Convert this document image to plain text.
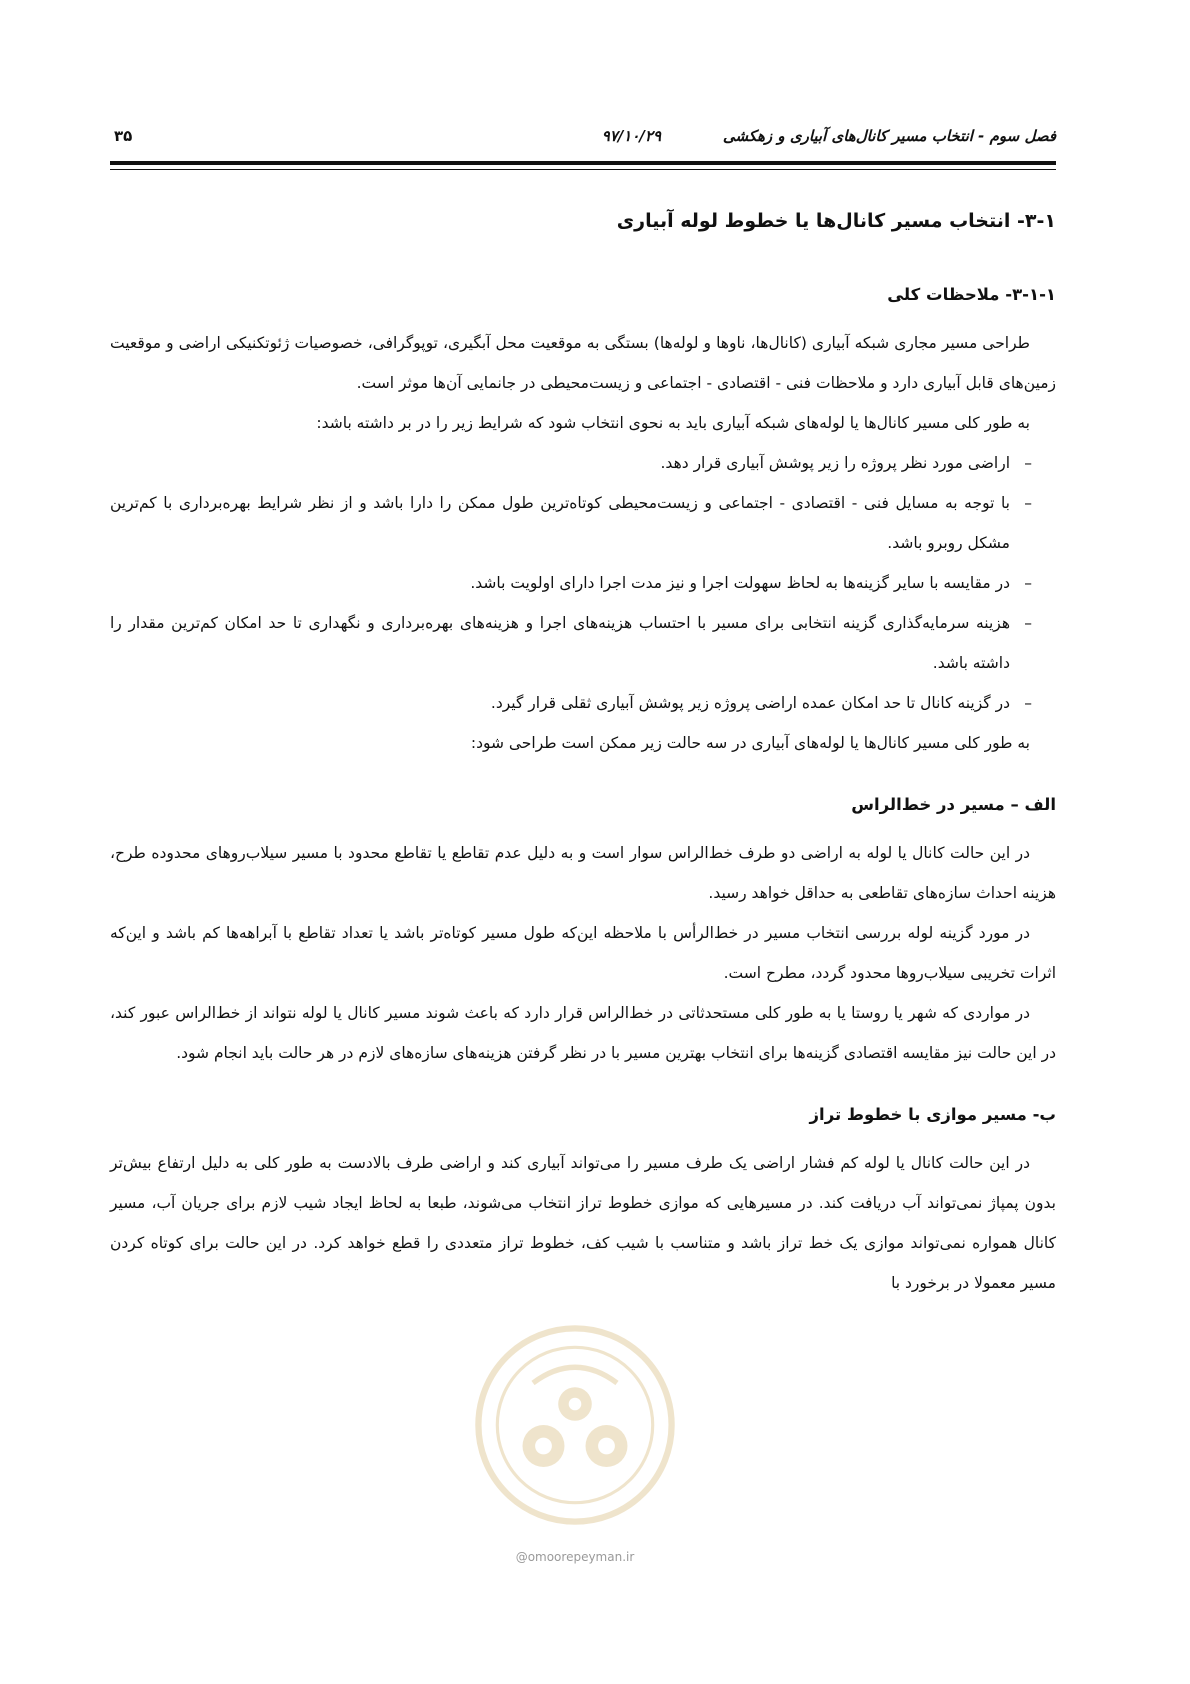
فصل سوم - انتخاب مسیر کانال‌های آبیاری و زهکشی
۹۷/۱۰/۲۹
۳۵
۳-۱- انتخاب مسیر کانال‌ها یا خطوط لوله آبیاری
۳-۱-۱- ملاحظات کلی

طراحی مسیر مجاری شبکه آبیاری (کانال‌ها، ناوها و لوله‌ها) بستگی به موقعیت محل آبگیری، توپوگرافی، خصوصیات ژئوتکنیکی اراضی و موقعیت زمین‌های قابل آبیاری دارد و ملاحظات فنی - اقتصادی - اجتماعی و زیست‌محیطی در جانمایی آن‌ها موثر است.

به طور کلی مسیر کانال‌ها یا لوله‌های شبکه آبیاری باید به نحوی انتخاب شود که شرایط زیر را در بر داشته باشد:

–
اراضی مورد نظر پروژه را زیر پوشش آبیاری قرار دهد.
–
با توجه به مسایل فنی - اقتصادی - اجتماعی و زیست‌محیطی کوتاه‌ترین طول ممکن را دارا باشد و از نظر شرایط بهره‌برداری با کم‌ترین مشکل روبرو باشد.
–
در مقایسه با سایر گزینه‌ها به لحاظ سهولت اجرا و نیز مدت اجرا دارای اولویت باشد.
–
هزینه سرمایه‌گذاری گزینه انتخابی برای مسیر با احتساب هزینه‌های اجرا و هزینه‌های بهره‌برداری و نگهداری تا حد امکان کم‌ترین مقدار را داشته باشد.
–
در گزینه کانال تا حد امکان عمده اراضی پروژه زیر پوشش آبیاری ثقلی قرار گیرد.

به طور کلی مسیر کانال‌ها یا لوله‌های آبیاری در سه حالت زیر ممکن است طراحی شود:

الف – مسیر در خط‌الراس

در این حالت کانال یا لوله به اراضی دو طرف خط‌الراس سوار است و به دلیل عدم تقاطع یا تقاطع محدود با مسیر سیلاب‌روهای محدوده طرح، هزینه احداث سازه‌های تقاطعی به حداقل خواهد رسید.

در مورد گزینه لوله بررسی انتخاب مسیر در خط‌الرأس با ملاحظه این‌که طول مسیر کوتاه‌تر باشد یا تعداد تقاطع با آبراهه‌ها کم باشد و این‌که اثرات تخریبی سیلاب‌روها محدود گردد، مطرح است.

در مواردی که شهر یا روستا یا به طور کلی مستحدثاتی در خط‌الراس قرار دارد که باعث شوند مسیر کانال یا لوله نتواند از خط‌الراس عبور کند، در این حالت نیز مقایسه اقتصادی گزینه‌ها برای انتخاب بهترین مسیر با در نظر گرفتن هزینه‌های سازه‌های لازم در هر حالت باید انجام شود.

ب- مسیر موازی با خطوط تراز

در این حالت کانال یا لوله کم فشار اراضی یک طرف مسیر را می‌تواند آبیاری کند و اراضی طرف بالادست به طور کلی به دلیل ارتفاع بیش‌تر بدون پمپاژ نمی‌تواند آب دریافت کند. در مسیرهایی که موازی خطوط تراز انتخاب می‌شوند، طبعا به لحاظ ایجاد شیب لازم برای جریان آب، مسیر کانال همواره نمی‌تواند موازی یک خط تراز باشد و متناسب با شیب کف، خطوط تراز متعددی را قطع خواهد کرد. در این حالت برای کوتاه کردن مسیر معمولا در برخورد با

@omoorepeyman.ir
